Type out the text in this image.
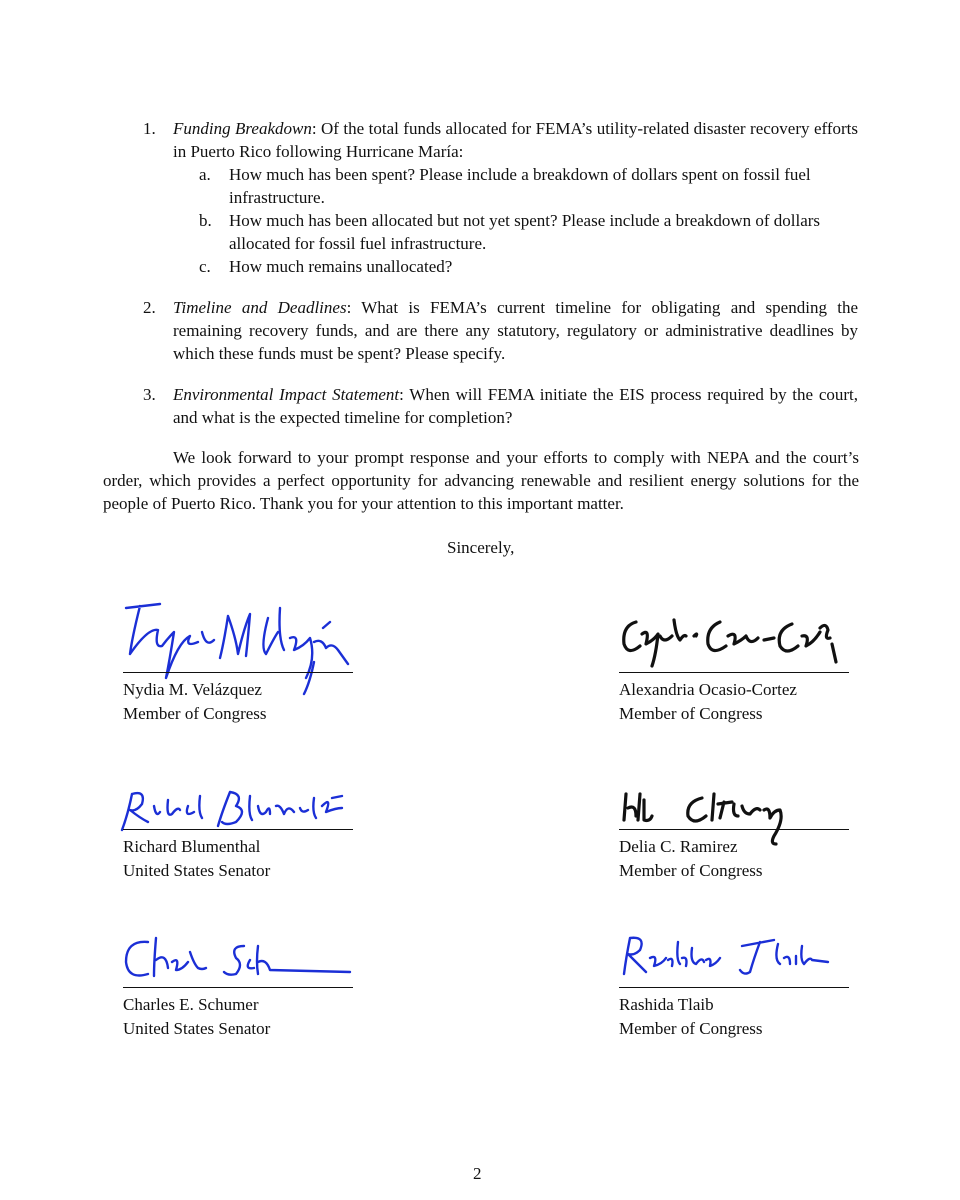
1. Funding Breakdown: Of the total funds allocated for FEMA’s utility-related disaster recovery efforts in Puerto Rico following Hurricane María:
a. How much has been spent? Please include a breakdown of dollars spent on fossil fuel infrastructure.
b. How much has been allocated but not yet spent? Please include a breakdown of dollars allocated for fossil fuel infrastructure.
c. How much remains unallocated?
2. Timeline and Deadlines: What is FEMA’s current timeline for obligating and spending the remaining recovery funds, and are there any statutory, regulatory or administrative deadlines by which these funds must be spent? Please specify.
3. Environmental Impact Statement: When will FEMA initiate the EIS process required by the court, and what is the expected timeline for completion?
We look forward to your prompt response and your efforts to comply with NEPA and the court’s order, which provides a perfect opportunity for advancing renewable and resilient energy solutions for the people of Puerto Rico. Thank you for your attention to this important matter.
Sincerely,
Nydia M. Velázquez
Member of Congress
Alexandria Ocasio-Cortez
Member of Congress
Richard Blumenthal
United States Senator
Delia C. Ramirez
Member of Congress
Charles E. Schumer
United States Senator
Rashida Tlaib
Member of Congress
2
